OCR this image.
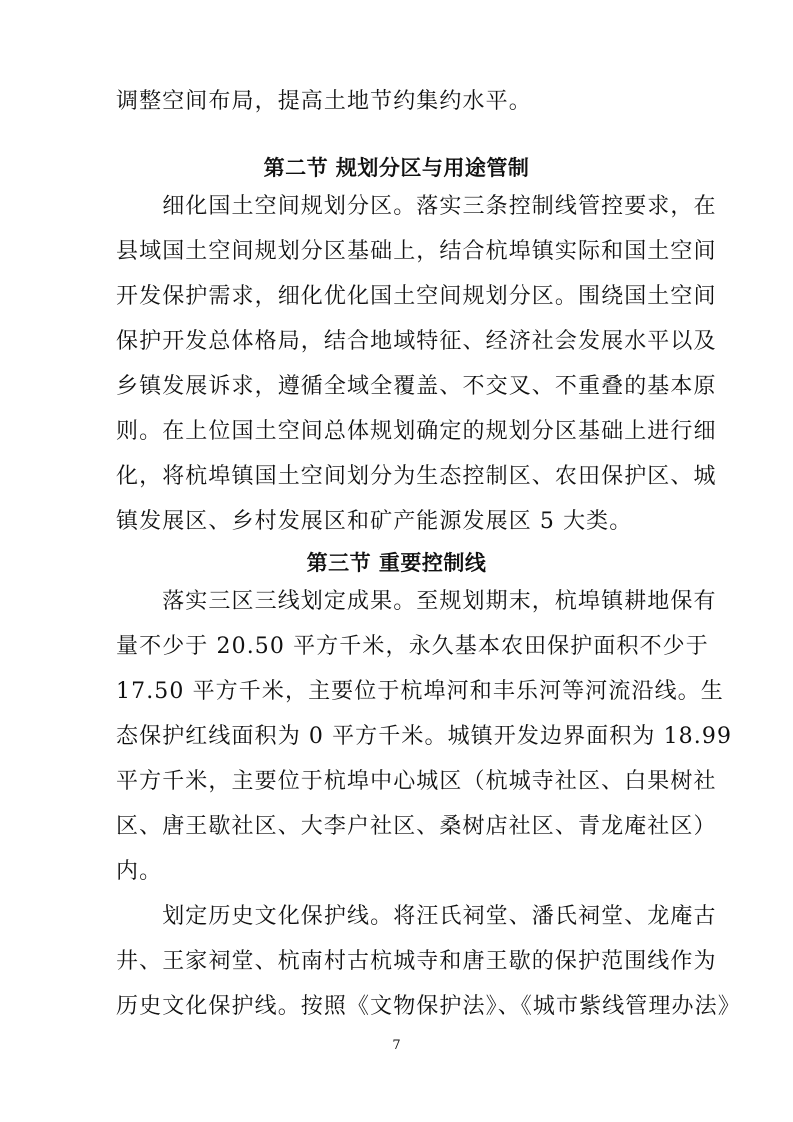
调整空间布局，提高土地节约集约水平。
第二节 规划分区与用途管制
　　细化国土空间规划分区。落实三条控制线管控要求，在
县域国土空间规划分区基础上，结合杭埠镇实际和国土空间
开发保护需求，细化优化国土空间规划分区。围绕国土空间
保护开发总体格局，结合地域特征、经济社会发展水平以及
乡镇发展诉求，遵循全域全覆盖、不交叉、不重叠的基本原
则。在上位国土空间总体规划确定的规划分区基础上进行细
化，将杭埠镇国土空间划分为生态控制区、农田保护区、城
镇发展区、乡村发展区和矿产能源发展区 5 大类。
第三节 重要控制线
　　落实三区三线划定成果。至规划期末，杭埠镇耕地保有
量不少于 20.50 平方千米，永久基本农田保护面积不少于
17.50 平方千米，主要位于杭埠河和丰乐河等河流沿线。生
态保护红线面积为 0 平方千米。城镇开发边界面积为 18.99
平方千米，主要位于杭埠中心城区（杭城寺社区、白果树社
区、唐王歇社区、大李户社区、桑树店社区、青龙庵社区）
内。
　　划定历史文化保护线。将汪氏祠堂、潘氏祠堂、龙庵古
井、王家祠堂、杭南村古杭城寺和唐王歇的保护范围线作为
历史文化保护线。按照《文物保护法》、《城市紫线管理办法》
7
